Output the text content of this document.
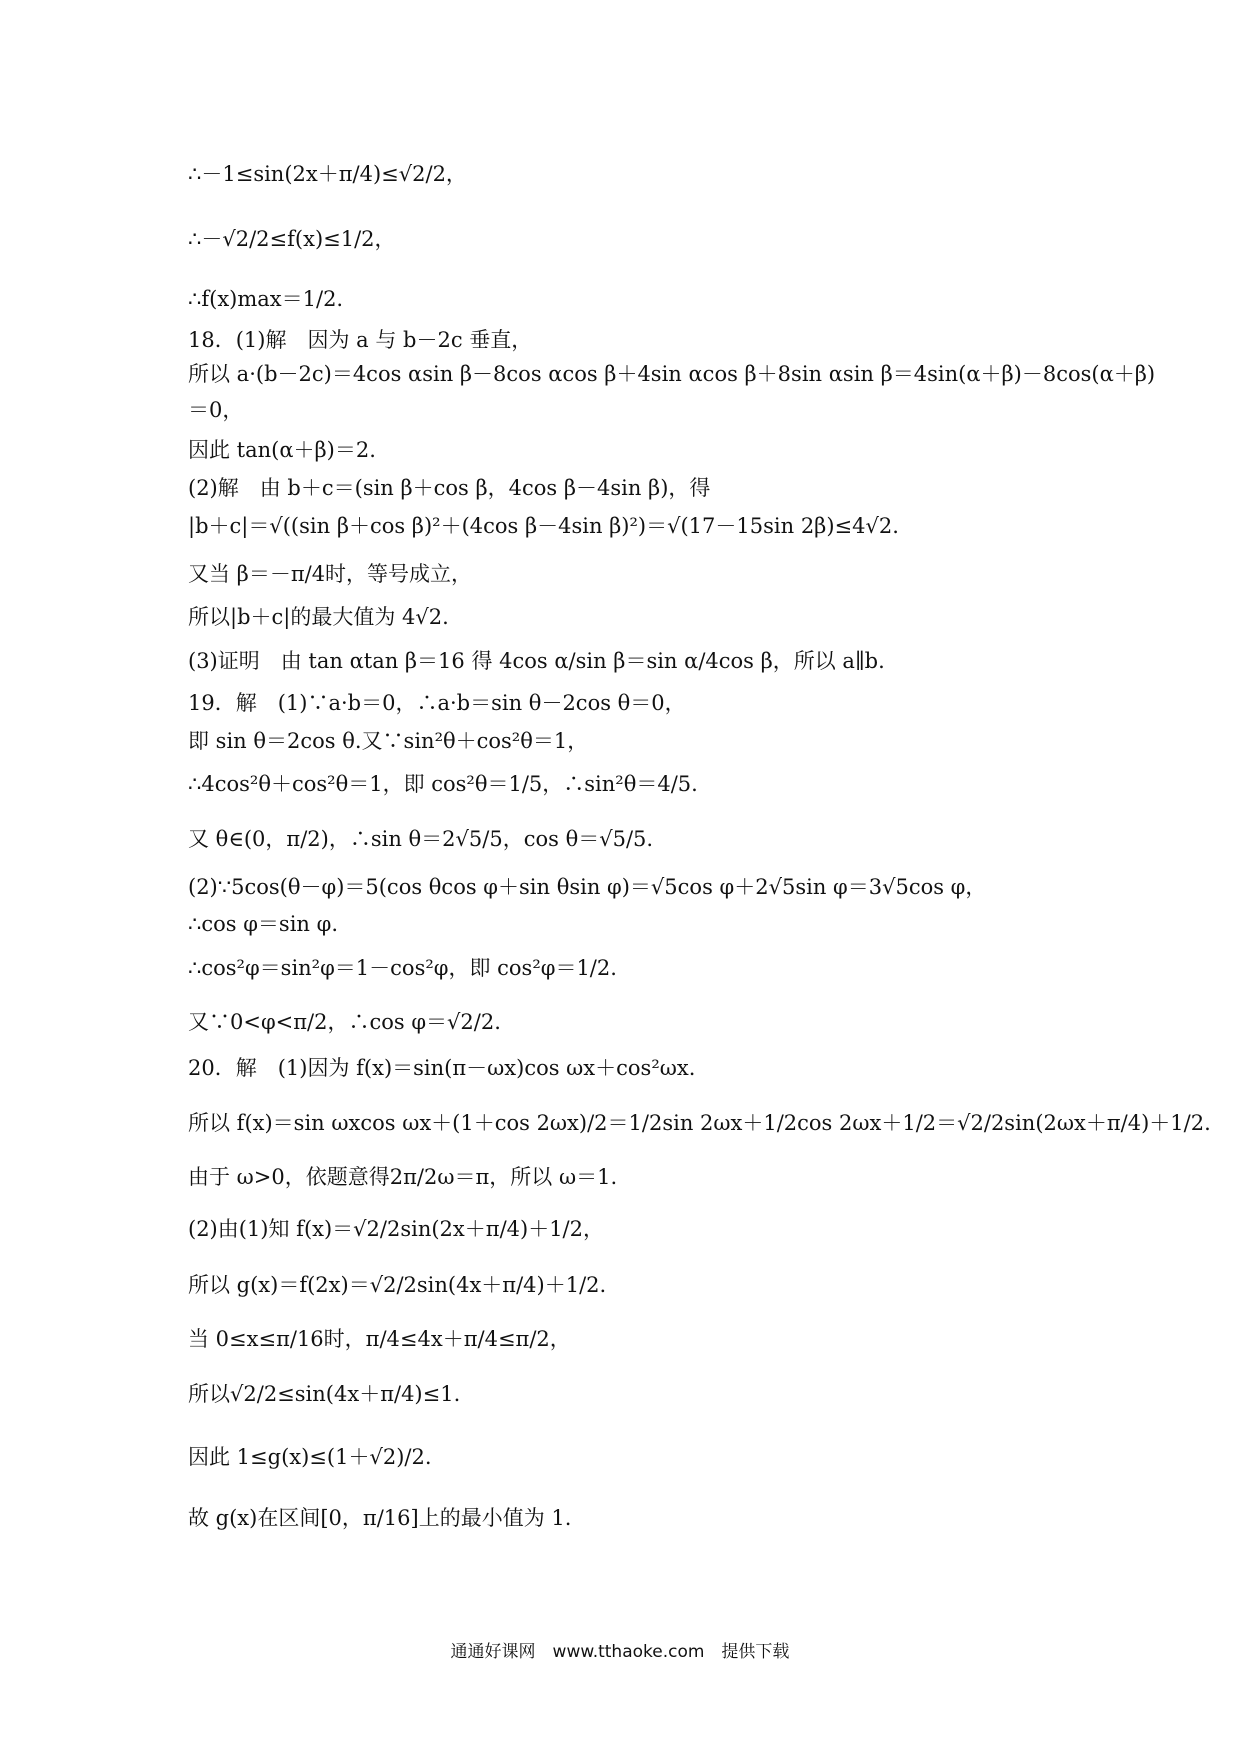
∴－1≤sin(2x＋π/4)≤√2/2，
∴－√2/2≤f(x)≤1/2，
∴f(x)max＝1/2.
18．(1)解　因为 a 与 b－2c 垂直，
所以 a·(b－2c)＝4cos αsin β－8cos αcos β＋4sin αcos β＋8sin αsin β＝4sin(α＋β)－8cos(α＋β)
＝0，
因此 tan(α＋β)＝2.
(2)解　由 b＋c＝(sin β＋cos β，4cos β－4sin β)，得
|b＋c|＝√((sin β＋cos β)²＋(4cos β－4sin β)²)＝√(17－15sin 2β)≤4√2.
又当 β＝－π/4时，等号成立，
所以|b＋c|的最大值为 4√2.
(3)证明　由 tan αtan β＝16 得 4cos α/sin β＝sin α/4cos β，所以 a∥b.
19．解　(1)∵a·b＝0，∴a·b＝sin θ－2cos θ＝0，
即 sin θ＝2cos θ.又∵sin²θ＋cos²θ＝1，
∴4cos²θ＋cos²θ＝1，即 cos²θ＝1/5，∴sin²θ＝4/5.
又 θ∈(0，π/2)，∴sin θ＝2√5/5，cos θ＝√5/5.
(2)∵5cos(θ－φ)＝5(cos θcos φ＋sin θsin φ)＝√5cos φ＋2√5sin φ＝3√5cos φ，
∴cos φ＝sin φ.
∴cos²φ＝sin²φ＝1－cos²φ，即 cos²φ＝1/2.
又∵0<φ<π/2，∴cos φ＝√2/2.
20．解　(1)因为 f(x)＝sin(π－ωx)cos ωx＋cos²ωx.
所以 f(x)＝sin ωxcos ωx＋(1＋cos 2ωx)/2＝1/2sin 2ωx＋1/2cos 2ωx＋1/2＝√2/2sin(2ωx＋π/4)＋1/2.
由于 ω>0，依题意得2π/2ω＝π，所以 ω＝1.
(2)由(1)知 f(x)＝√2/2sin(2x＋π/4)＋1/2，
所以 g(x)＝f(2x)＝√2/2sin(4x＋π/4)＋1/2.
当 0≤x≤π/16时，π/4≤4x＋π/4≤π/2，
所以√2/2≤sin(4x＋π/4)≤1.
因此 1≤g(x)≤(1＋√2)/2.
故 g(x)在区间[0，π/16]上的最小值为 1.
通通好课网　www.tthaoke.com　提供下载
